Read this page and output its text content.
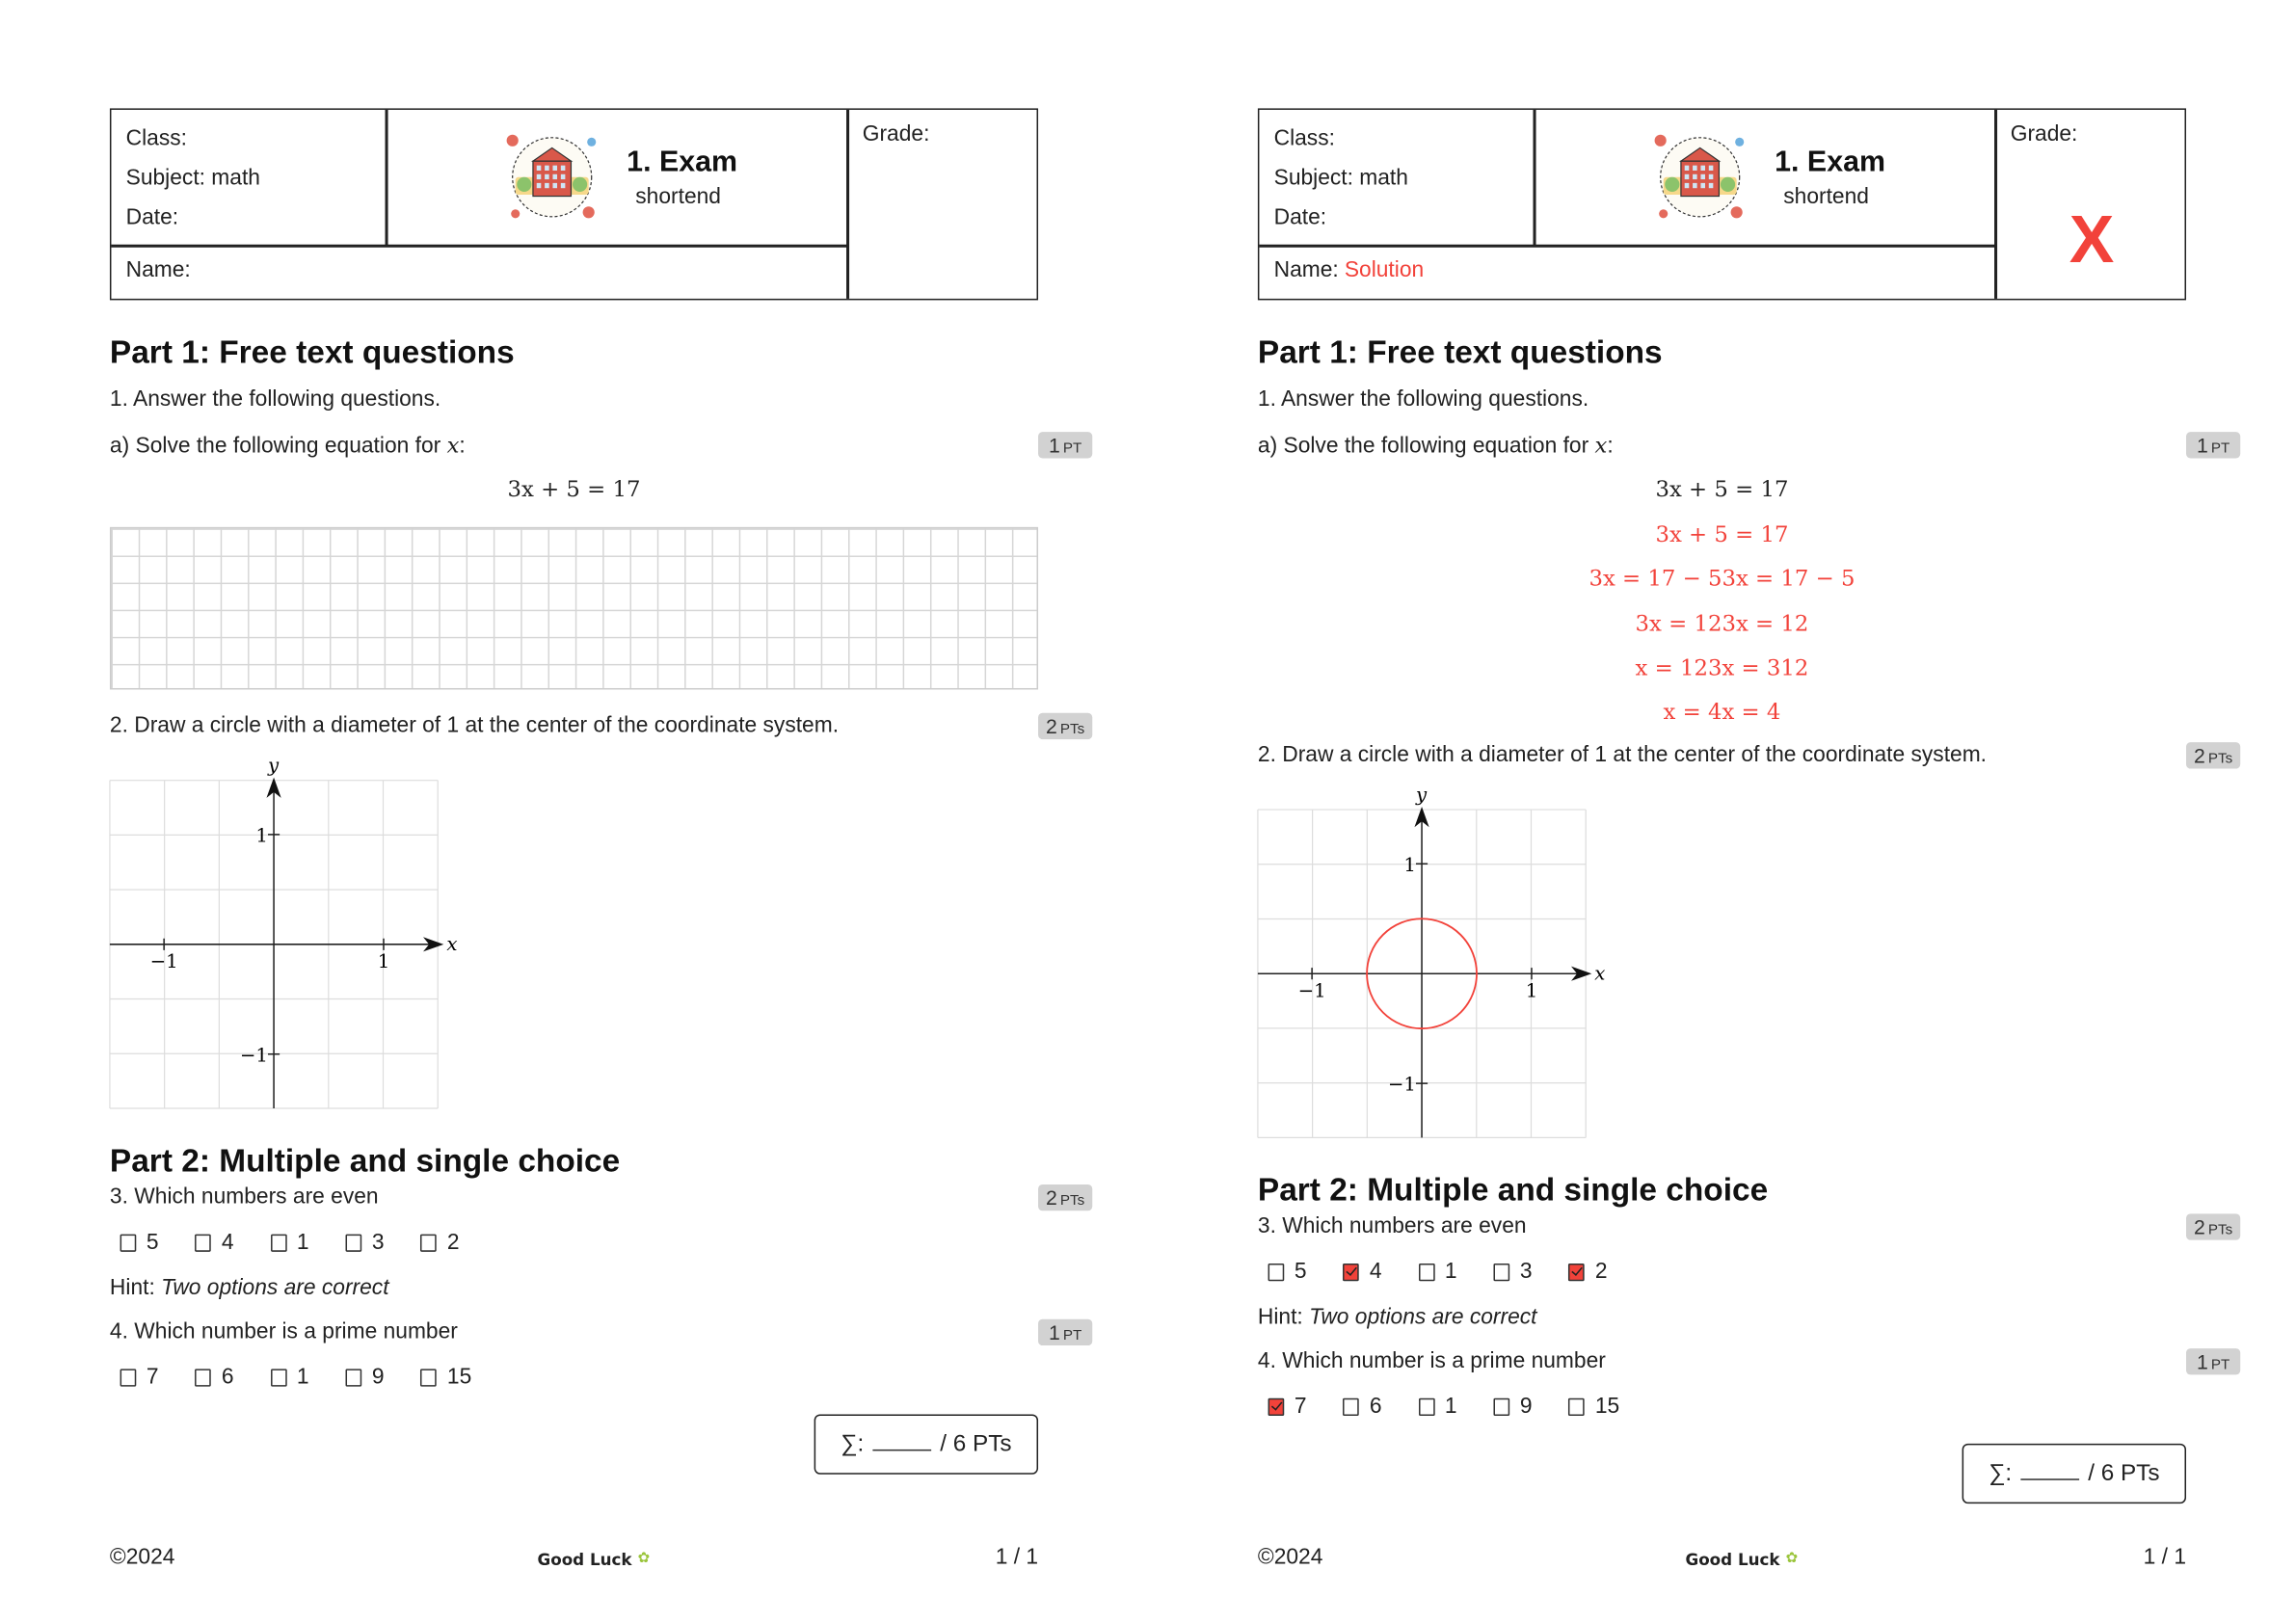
Class:
Subject: math
Date:
Name:
1. Exam
shortend
Grade:
Part 1: Free text questions
1. Answer the following questions.
a) Solve the following equation for x:	1 PT
3x + 5 = 17
2. Draw a circle with a diameter of 1 at the center of the coordinate system.	2 PTs
−1	1
1
−1
x
y
Part 2: Multiple and single choice
3. Which numbers are even	2 PTs
5	4	1	3	2
Hint: Two options are correct
4. Which number is a prime number	1 PT
7	6	1	9	15
∑:	/ 6 PTs
©2024	Good Luck ✿	1 / 1
Class:
Subject: math
Date:
Name: Solution
1. Exam
shortend
Grade:
X
Part 1: Free text questions
1. Answer the following questions.
a) Solve the following equation for x:	1 PT
3x + 5 = 17
3x + 5 = 17
3x = 17 − 53x = 17 − 5
3x = 123x = 12
x = 123x = 312
x = 4x = 4
2. Draw a circle with a diameter of 1 at the center of the coordinate system.	2 PTs
−1	1
1
−1
x
y
Part 2: Multiple and single choice
3. Which numbers are even	2 PTs
5	4	1	3	2
Hint: Two options are correct
4. Which number is a prime number	1 PT
7	6	1	9	15
∑:	/ 6 PTs
©2024	Good Luck ✿	1 / 1
